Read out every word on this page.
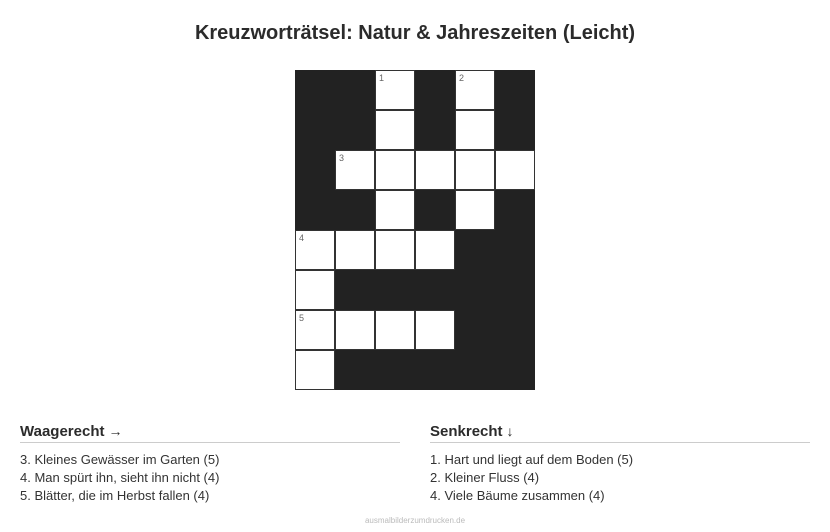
Kreuzworträtsel: Natur & Jahreszeiten (Leicht)
1	2
3
4
5
Waagerecht →
3. Kleines Gewässer im Garten (5)
4. Man spürt ihn, sieht ihn nicht (4)
5. Blätter, die im Herbst fallen (4)
Senkrecht ↓
1. Hart und liegt auf dem Boden (5)
2. Kleiner Fluss (4)
4. Viele Bäume zusammen (4)
ausmalbilderzumdrucken.de
